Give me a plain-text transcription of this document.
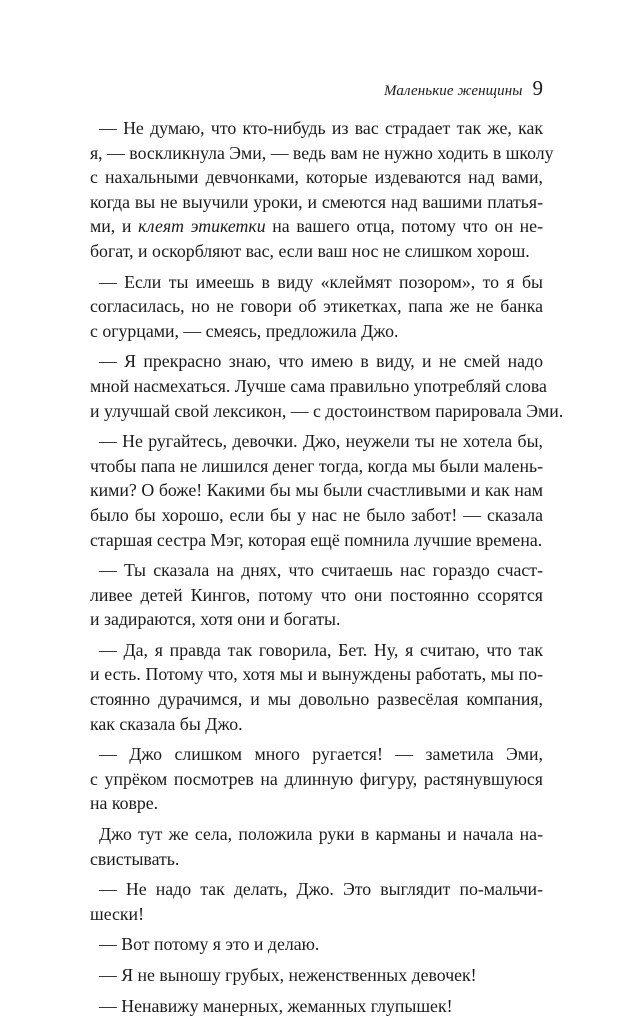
Маленькие женщины 9
— Не думаю, что кто-нибудь из вас страдает так же, как
я, — воскликнула Эми, — ведь вам не нужно ходить в школу
с нахальными девчонками, которые издеваются над вами,
когда вы не выучили уроки, и смеются над вашими платья-
ми, и клеят этикетки на вашего отца, потому что он не-
богат, и оскорбляют вас, если ваш нос не слишком хорош.
— Если ты имеешь в виду «клеймят позором», то я бы
согласилась, но не говори об этикетках, папа же не банка
с огурцами, — смеясь, предложила Джо.
— Я прекрасно знаю, что имею в виду, и не смей надо
мной насмехаться. Лучше сама правильно употребляй слова
и улучшай свой лексикон, — с достоинством парировала Эми.
— Не ругайтесь, девочки. Джо, неужели ты не хотела бы,
чтобы папа не лишился денег тогда, когда мы были малень-
кими? О боже! Какими бы мы были счастливыми и как нам
было бы хорошо, если бы у нас не было забот! — сказала
старшая сестра Мэг, которая ещё помнила лучшие времена.
— Ты сказала на днях, что считаешь нас гораздо счаст-
ливее детей Кингов, потому что они постоянно ссорятся
и задираются, хотя они и богаты.
— Да, я правда так говорила, Бет. Ну, я считаю, что так
и есть. Потому что, хотя мы и вынуждены работать, мы по-
стоянно дурачимся, и мы довольно развесёлая компания,
как сказала бы Джо.
— Джо слишком много ругается! — заметила Эми,
с упрёком посмотрев на длинную фигуру, растянувшуюся
на ковре.
Джо тут же села, положила руки в карманы и начала на-
свистывать.
— Не надо так делать, Джо. Это выглядит по-мальчи-
шески!
— Вот потому я это и делаю.
— Я не выношу грубых, неженственных девочек!
— Ненавижу манерных, жеманных глупышек!
